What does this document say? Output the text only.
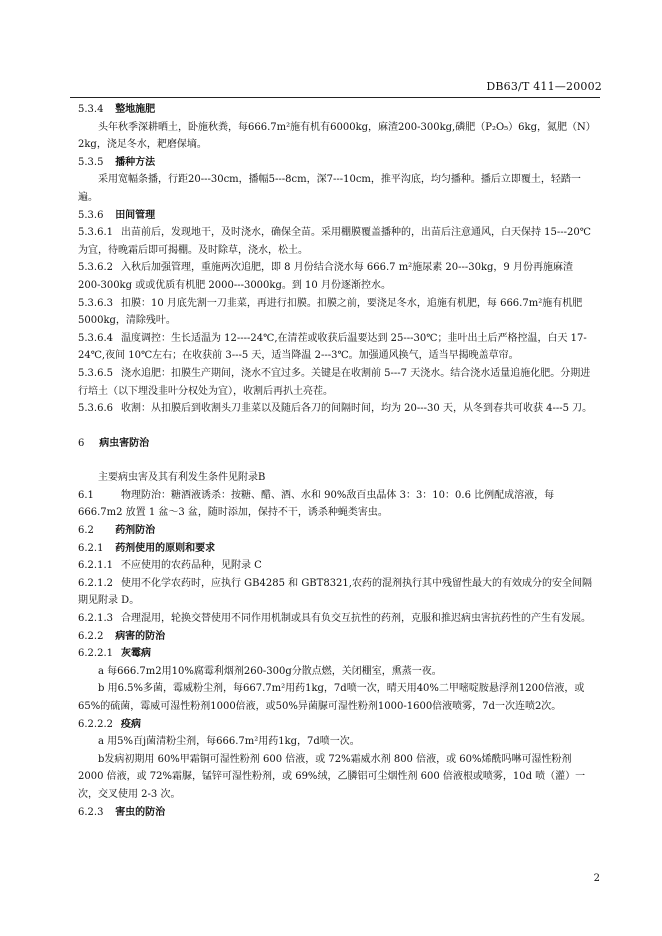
DB63/T 411—20002

5.3.4 整地施肥

头年秋季深耕晒土，卧施秋粪，每666.7m²施有机有6000kg，麻渣200-300kg,磷肥（P₂O₅）6kg，氮肥（N）2kg，浇足冬水，耙磨保墒。

5.3.5 播种方法

采用宽幅条播，行距20---30cm，播幅5---8cm，深7---10cm，推平沟底，均匀播种。播后立即覆土，轻踏一遍。

5.3.6 田间管理

5.3.6.1 出苗前后，发现地干，及时浇水，确保全苗。采用棚膜覆盖播种的，出苗后注意通风，白天保持 15---20℃为宜，待晚霜后即可揭棚。及时除草，浇水，松土。

5.3.6.2 入秋后加强管理，重施两次追肥，即 8 月份结合浇水每 666.7 m²施尿素 20---30kg，9 月份再施麻渣 200-300kg 或或优质有机肥 2000---3000kg。到 10 月份逐渐控水。

5.3.6.3 扣膜：10 月底先割一刀韭菜，再进行扣膜。扣膜之前，要浇足冬水，追施有机肥，每 666.7m²施有机肥 5000kg，清除残叶。

5.3.6.4 温度调控：生长适温为 12----24℃,在清茬或收获后温要达到 25---30℃；韭叶出土后严格控温，白天 17-24℃,夜间 10℃左右；在收获前 3---5 天，适当降温 2---3℃。加强通风换气，适当早揭晚盖草帘。

5.3.6.5 浇水追肥：扣膜生产期间，浇水不宜过多。关键是在收割前 5---7 天浇水。结合浇水适量追施化肥。分期进行培土（以下埋没韭叶分权处为宜），收割后再扒土亮茬。

5.3.6.6 收割：从扣膜后到收割头刀韭菜以及随后各刀的间隔时间，均为 20---30 天，从冬到春共可收获 4---5 刀。

6 病虫害防治

主要病虫害及其有利发生条件见附录B

6.1	物理防治：糖酒液诱杀：按糖、醋、酒、水和 90%敌百虫晶体 3：3：10：0.6 比例配成溶液，每 666.7m2 放置 1 盆～3 盆，随时添加，保持不干，诱杀种蝇类害虫。

6.2 药剂防治

6.2.1 药剂使用的原则和要求

6.2.1.1 不应使用的农药品种，见附录 C

6.2.1.2 使用不化学农药时，应执行 GB4285 和 GBT8321,农药的混剂执行其中残留性最大的有效成分的安全间隔期见附录 D。

6.2.1.3 合理混用，轮换交替使用不同作用机制或具有负交互抗性的药剂，克服和推迟病虫害抗药性的产生有发展。

6.2.2 病害的防治

6.2.2.1 灰霉病

a 每666.7m2用10%腐霉利烟剂260-300g分散点燃，关闭棚室，熏蒸一夜。

b 用6.5%多菌，霉威粉尘剂，每667.7m²用药1kg，7d喷一次，晴天用40%二甲嘧啶胺悬浮剂1200倍液，或65%的硫菌，霉威可湿性粉剂1000倍液，或50%异菌脲可湿性粉剂1000-1600倍液喷雾，7d一次连喷2次。

6.2.2.2 疫病

a 用5%百j菌清粉尘剂，每666.7m²用药1kg，7d喷一次。

b发病初期用 60%甲霜铜可湿性粉剂 600 倍液，或 72%霜威水剂 800 倍液，或 60%烯酰吗啉可湿性粉剂 2000 倍液，或 72%霜脲，锰锌可湿性粉剂，或 69%绒，乙膦铝可尘烟性剂 600 倍液根或喷雾，10d 喷（灌）一次，交叉使用 2-3 次。

6.2.3 害虫的防治

2
